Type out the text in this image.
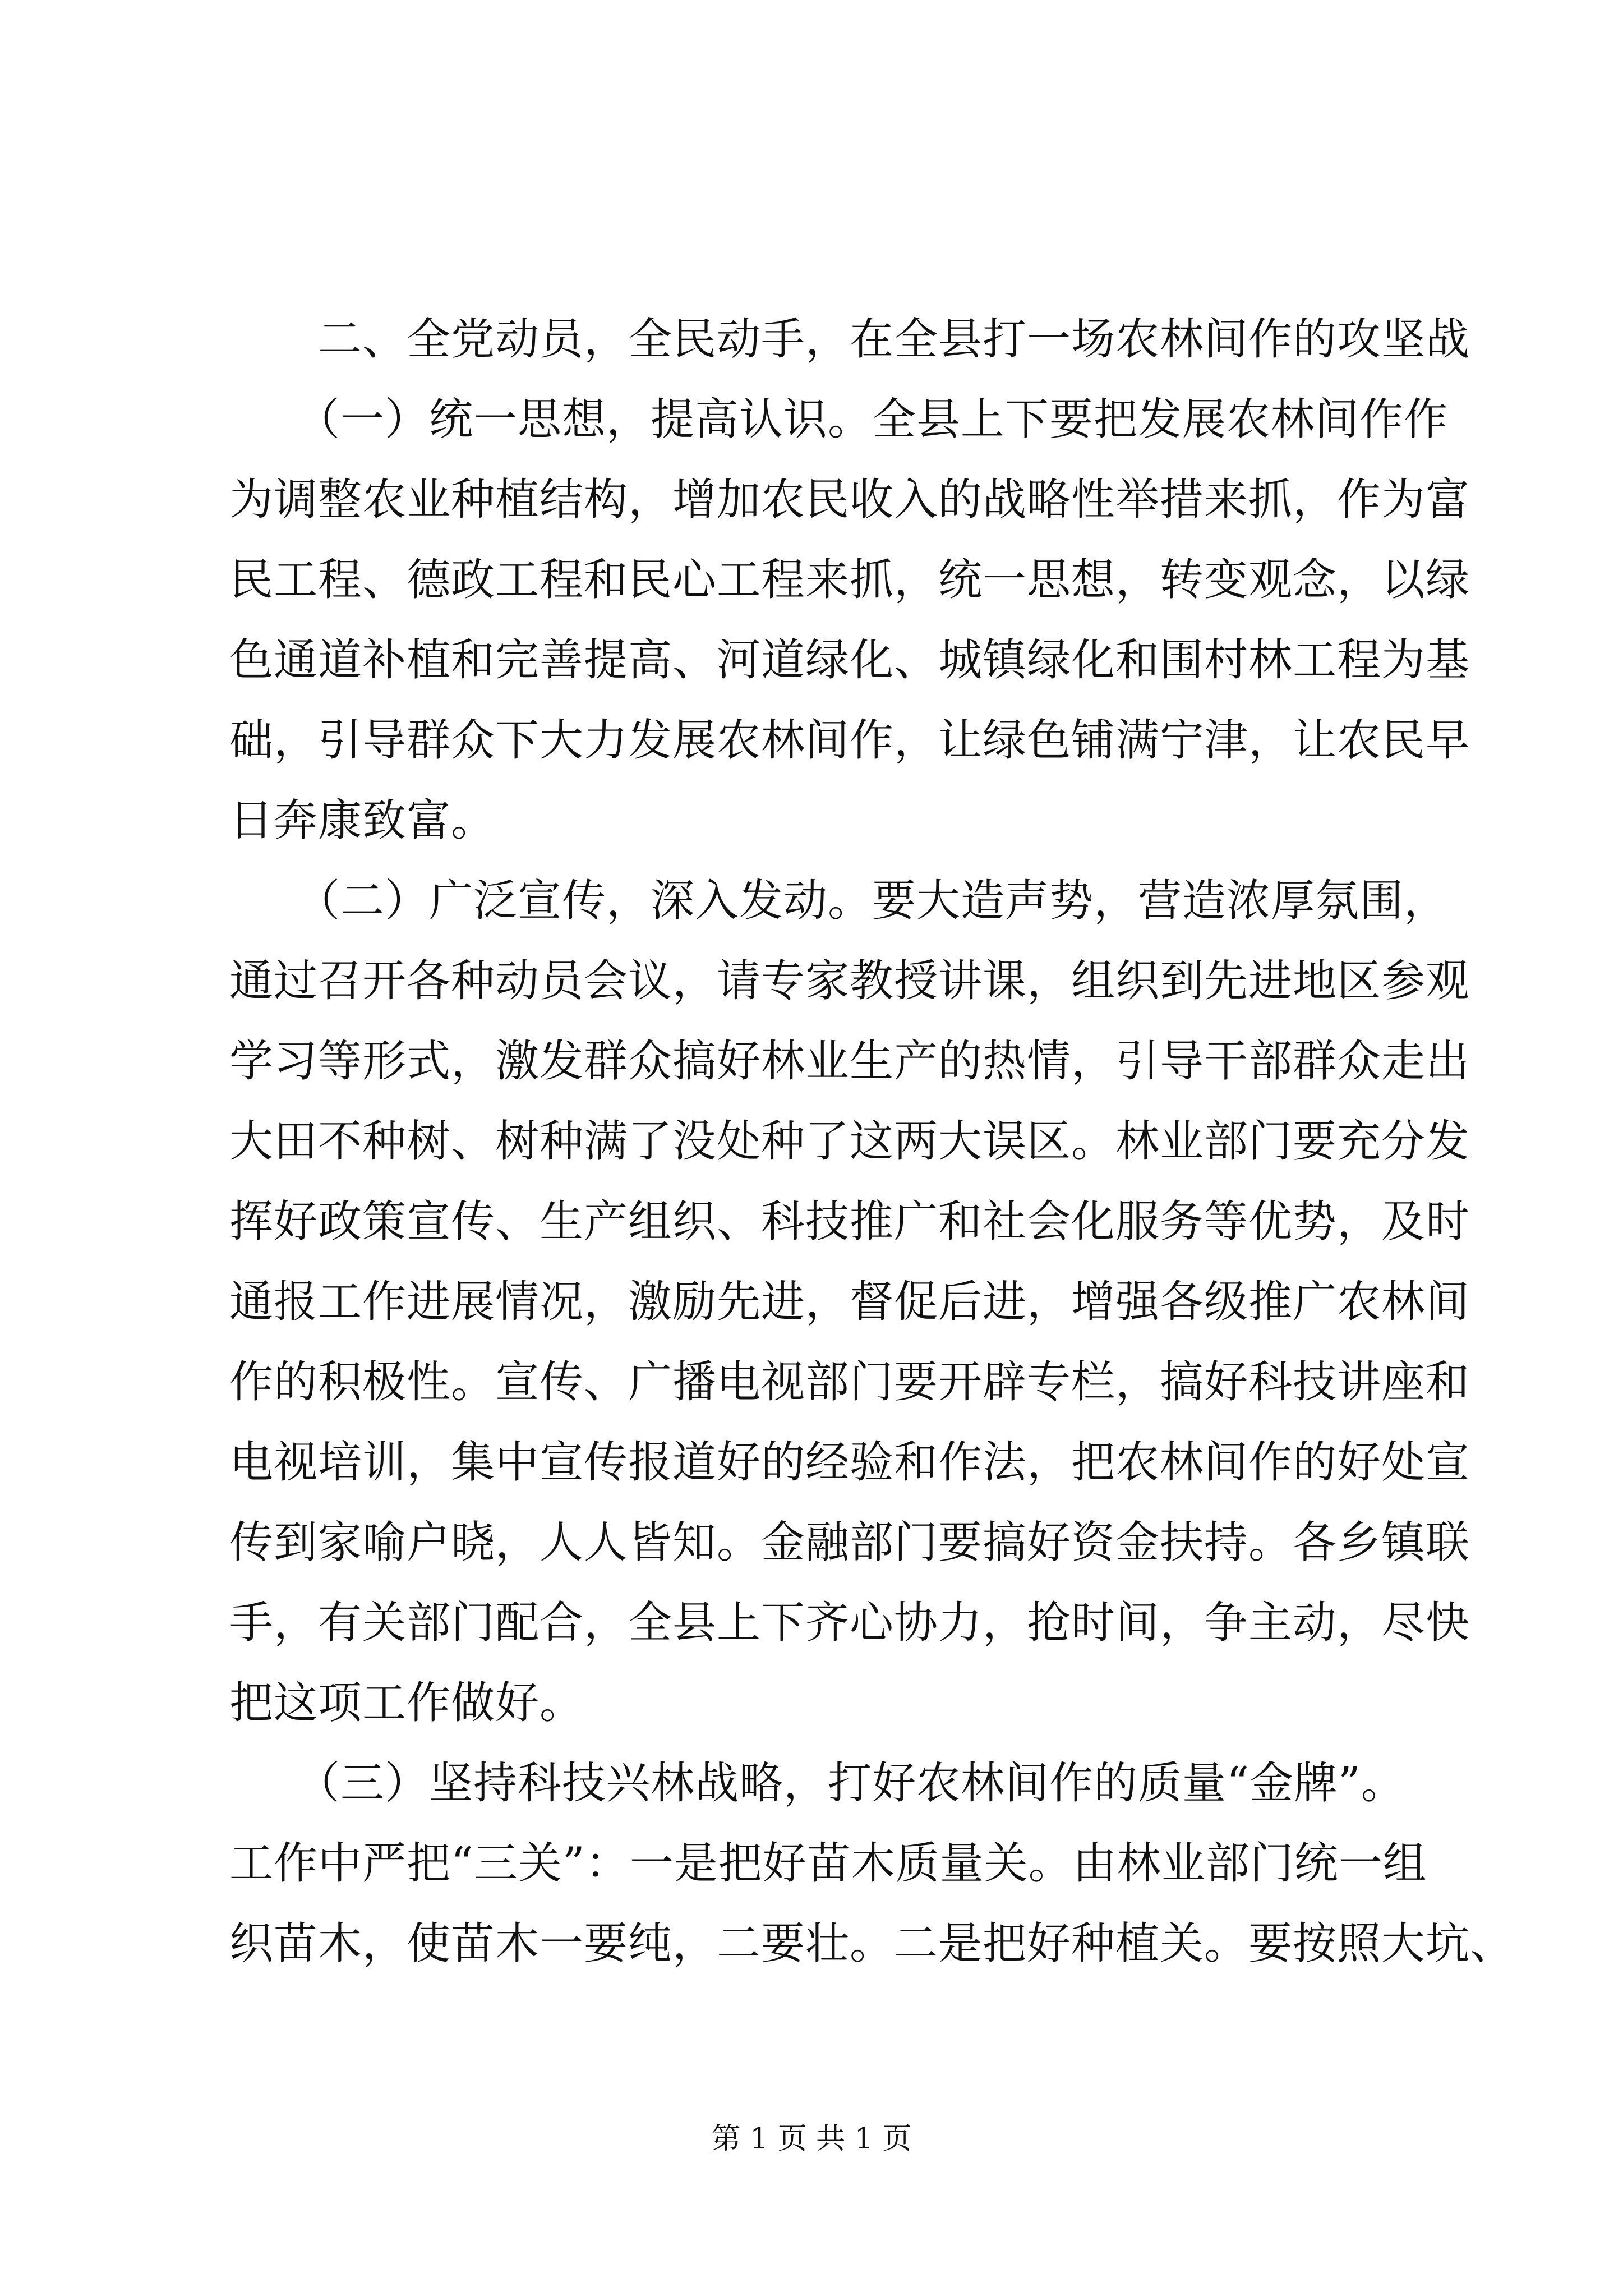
　　二、全党动员，全民动手，在全县打一场农林间作的攻坚战
　　（一）统一思想，提高认识。全县上下要把发展农林间作作
为调整农业种植结构，增加农民收入的战略性举措来抓，作为富
民工程、德政工程和民心工程来抓，统一思想，转变观念，以绿
色通道补植和完善提高、河道绿化、城镇绿化和围村林工程为基
础，引导群众下大力发展农林间作，让绿色铺满宁津，让农民早
日奔康致富。
　　（二）广泛宣传，深入发动。要大造声势，营造浓厚氛围，
通过召开各种动员会议，请专家教授讲课，组织到先进地区参观
学习等形式，激发群众搞好林业生产的热情，引导干部群众走出
大田不种树、树种满了没处种了这两大误区。林业部门要充分发
挥好政策宣传、生产组织、科技推广和社会化服务等优势，及时
通报工作进展情况，激励先进，督促后进，增强各级推广农林间
作的积极性。宣传、广播电视部门要开辟专栏，搞好科技讲座和
电视培训，集中宣传报道好的经验和作法，把农林间作的好处宣
传到家喻户晓，人人皆知。金融部门要搞好资金扶持。各乡镇联
手，有关部门配合，全县上下齐心协力，抢时间，争主动，尽快
把这项工作做好。
　　（三）坚持科技兴林战略，打好农林间作的质量“金牌”。
工作中严把“三关”：一是把好苗木质量关。由林业部门统一组
织苗木，使苗木一要纯，二要壮。二是把好种植关。要按照大坑、
第 1 页 共 1 页
